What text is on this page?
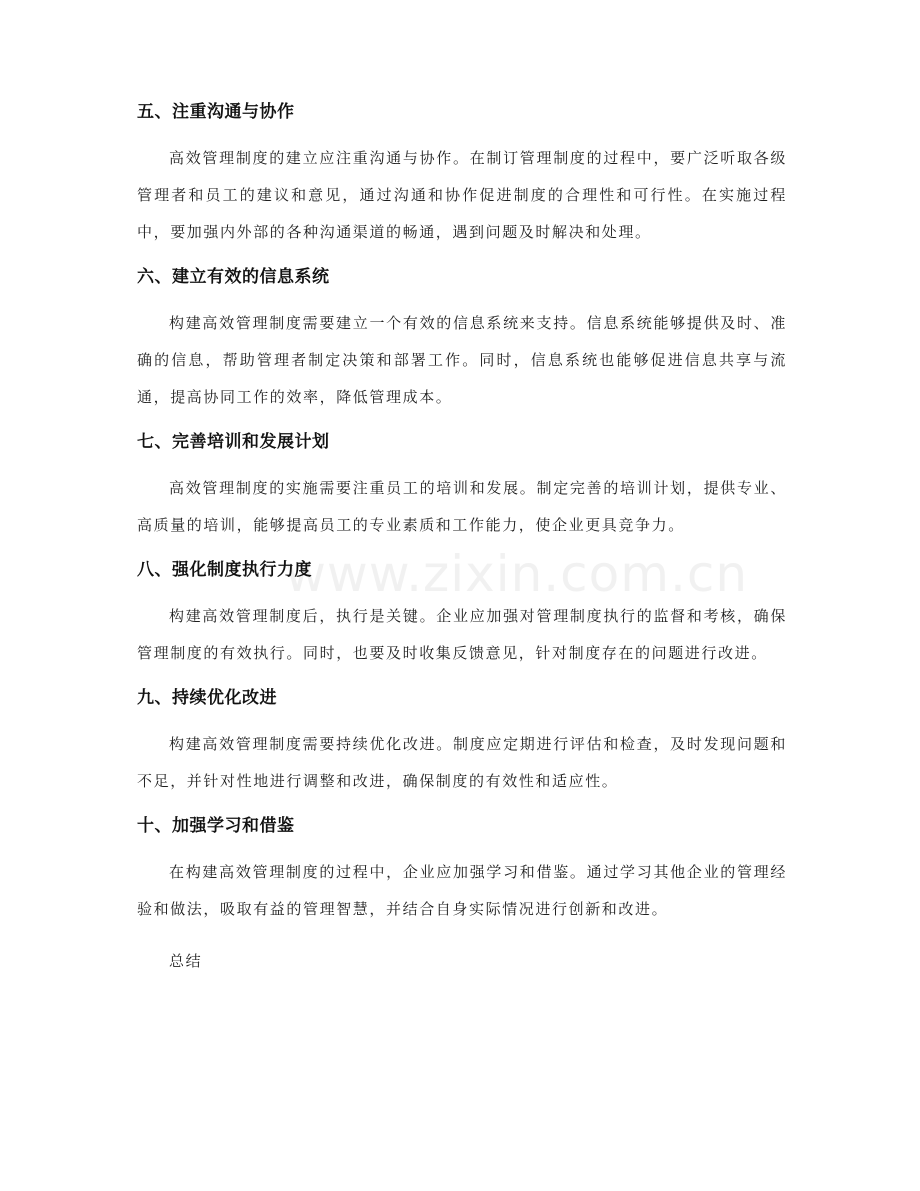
www.zixin.com.cn
五、注重沟通与协作

高效管理制度的建立应注重沟通与协作。在制订管理制度的过程中，要广泛听取各级管理者和员工的建议和意见，通过沟通和协作促进制度的合理性和可行性。在实施过程中，要加强内外部的各种沟通渠道的畅通，遇到问题及时解决和处理。

六、建立有效的信息系统

构建高效管理制度需要建立一个有效的信息系统来支持。信息系统能够提供及时、准确的信息，帮助管理者制定决策和部署工作。同时，信息系统也能够促进信息共享与流通，提高协同工作的效率，降低管理成本。

七、完善培训和发展计划

高效管理制度的实施需要注重员工的培训和发展。制定完善的培训计划，提供专业、高质量的培训，能够提高员工的专业素质和工作能力，使企业更具竞争力。

八、强化制度执行力度

构建高效管理制度后，执行是关键。企业应加强对管理制度执行的监督和考核，确保管理制度的有效执行。同时，也要及时收集反馈意见，针对制度存在的问题进行改进。

九、持续优化改进

构建高效管理制度需要持续优化改进。制度应定期进行评估和检查，及时发现问题和不足，并针对性地进行调整和改进，确保制度的有效性和适应性。

十、加强学习和借鉴

在构建高效管理制度的过程中，企业应加强学习和借鉴。通过学习其他企业的管理经验和做法，吸取有益的管理智慧，并结合自身实际情况进行创新和改进。

总结
